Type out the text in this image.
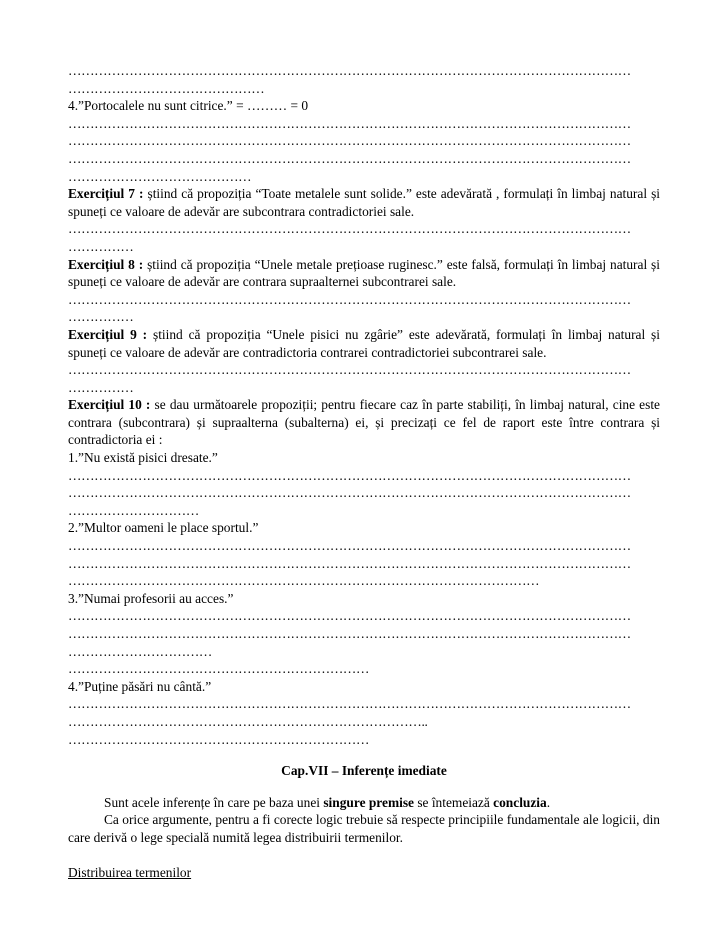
…………………………………………………………………………………………………………………
………………………………………
4.”Portocalele nu sunt citrice.” = ……… = 0
…………………………………………………………………………………………………………………
…………………………………………………………………………………………………………………
…………………………………………………………………………………………………………………
……………………………………
Exercițiul 7 : știind că propoziția “Toate metalele sunt solide.” este adevărată , formulați în limbaj natural și spuneți ce valoare de adevăr are subcontrara contradictoriei sale.
…………………………………………………………………………………………………………………
……………
Exercițiul 8 : știind că propoziția “Unele metale prețioase ruginesc.” este falsă, formulați în limbaj natural și spuneți ce valoare de adevăr are contrara supraalternei subcontrarei sale.
…………………………………………………………………………………………………………………
……………
Exercițiul 9 : știind că propoziția “Unele pisici nu zgârie” este adevărată, formulați în limbaj natural și spuneți ce valoare de adevăr are contradictoria contrarei contradictoriei subcontrarei sale.
…………………………………………………………………………………………………………………
……………
Exercițiul 10 : se dau următoarele propoziții; pentru fiecare caz în parte stabiliți, în limbaj natural, cine este contrara (subcontrara) și supraalterna (subalterna) ei, și precizați ce fel de raport este între contrara și contradictoria ei :
1.”Nu există pisici dresate.”
…………………………………………………………………………………………………………………
…………………………………………………………………………………………………………………
…………………………
2.”Multor oameni le place sportul.”
…………………………………………………………………………………………………………………
…………………………………………………………………………………………………………………
………………………………………………………………………………………………
3.”Numai profesorii au acces.”
…………………………………………………………………………………………………………………
…………………………………………………………………………………………………………………
……………………………
……………………………………………………………
4.”Puține păsări nu cântă.”
…………………………………………………………………………………………………………………
………………………………………………………………………..
……………………………………………………………
Cap.VII – Inferențe imediate
Sunt acele inferențe în care pe baza unei singure premise se întemeiază concluzia.
Ca orice argumente, pentru a fi corecte logic trebuie să respecte principiile fundamentale ale logicii, din care derivă o lege specială numită legea distribuirii termenilor.
Distribuirea termenilor
